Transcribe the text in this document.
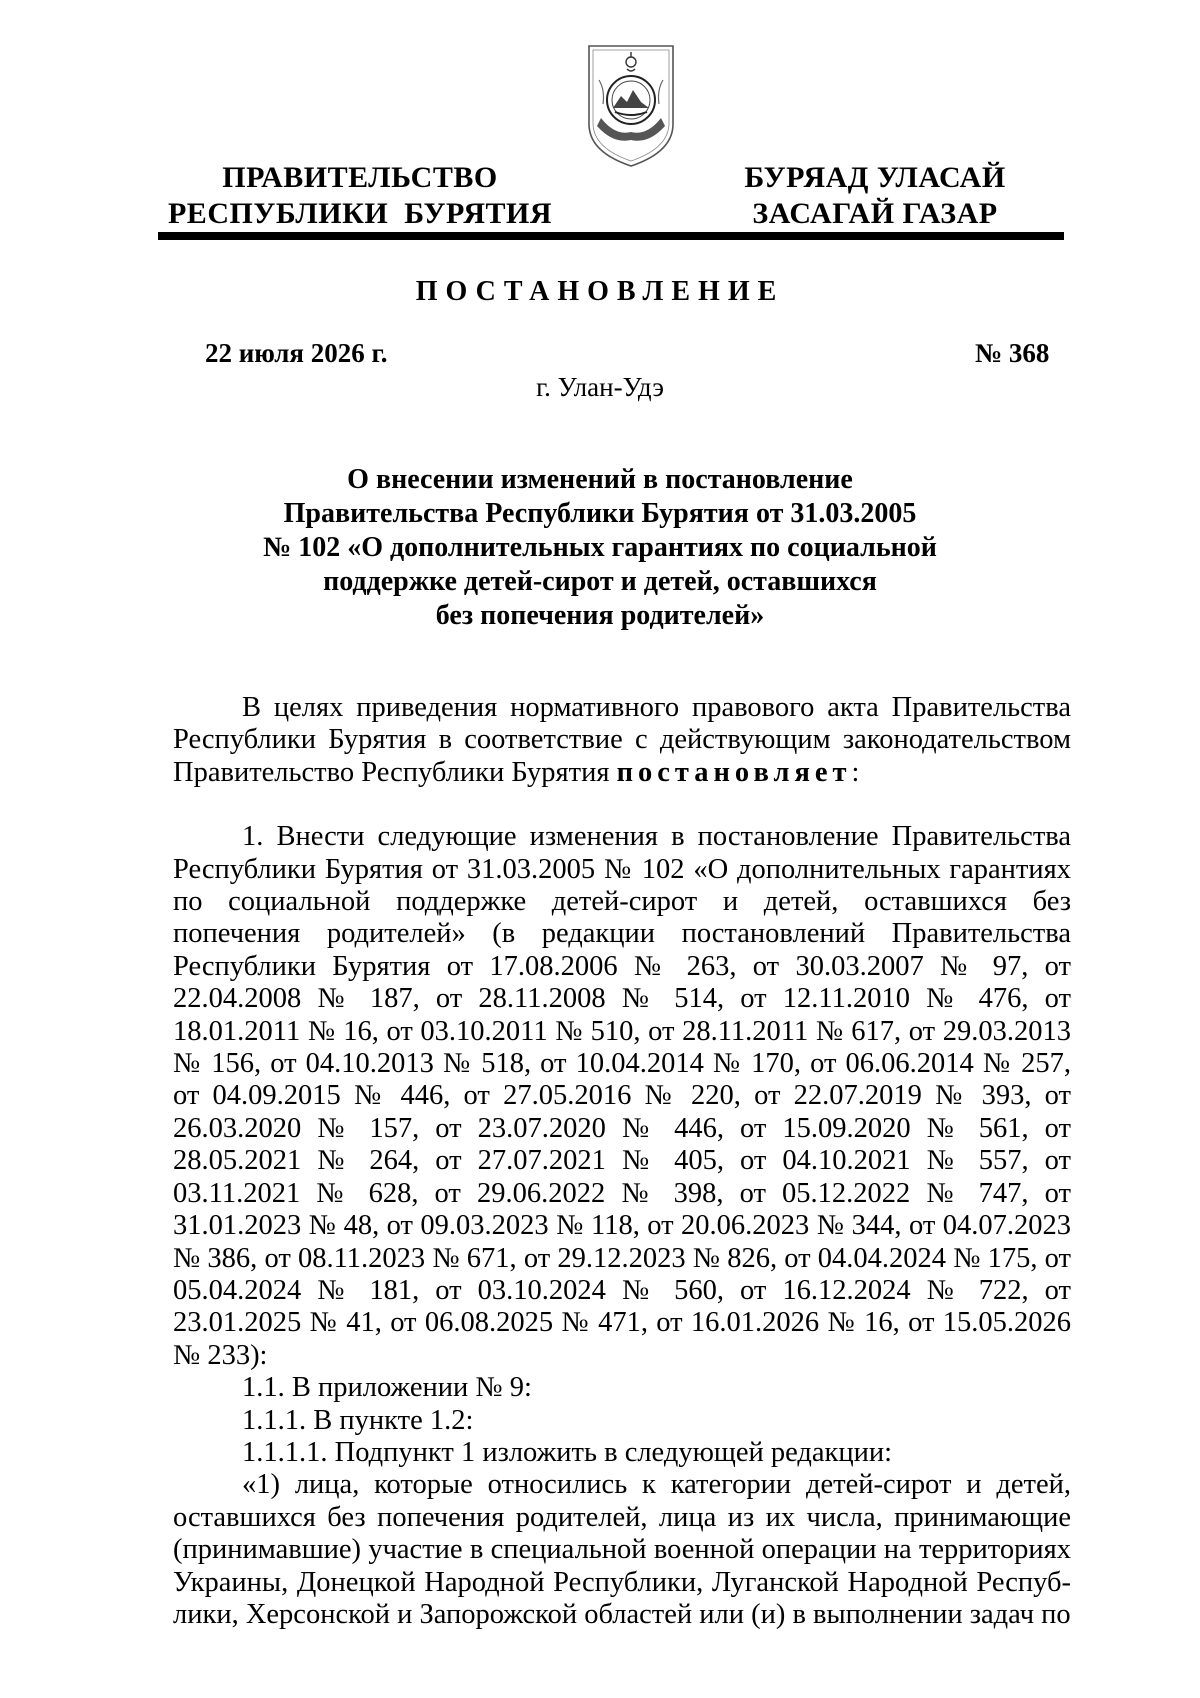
ПРАВИТЕЛЬСТВО
РЕСПУБЛИКИ  БУРЯТИЯ
БУРЯАД УЛАСАЙ
ЗАСАГАЙ ГАЗАР
ПОСТАНОВЛЕНИЕ
22 июля 2026 г.	№ 368
г. Улан-Удэ
О внесении изменений в постановление
Правительства Республики Бурятия от 31.03.2005
№ 102 «О дополнительных гарантиях по социальной
поддержке детей-сирот и детей, оставшихся
без попечения родителей»

В целях приведения нормативного правового акта Правительства Республики Бурятия в соответствие с действующим законодательством Правительство Республики Бурятия постановляет:

1. Внести следующие изменения в постановление Правительства Республики Бурятия от 31.03.2005 № 102 «О дополнительных гарантиях по социальной поддержке детей-сирот и детей, оставшихся без попечения родителей» (в редакции постановлений Правительства Республики Бурятия от 17.08.2006 № 263, от 30.03.2007 № 97, от 22.04.2008 № 187, от 28.11.2008 № 514, от 12.11.2010 № 476, от 18.01.2011 № 16, от 03.10.2011 № 510, от 28.11.2011 № 617, от 29.03.2013 № 156, от 04.10.2013 № 518, от 10.04.2014 № 170, от 06.06.2014 № 257, от 04.09.2015 № 446, от 27.05.2016 № 220, от 22.07.2019 № 393, от 26.03.2020 № 157, от 23.07.2020 № 446, от 15.09.2020 № 561, от 28.05.2021 № 264, от 27.07.2021 № 405, от 04.10.2021 № 557, от 03.11.2021 № 628, от 29.06.2022 № 398, от 05.12.2022 № 747, от 31.01.2023 № 48, от 09.03.2023 № 118, от 20.06.2023 № 344, от 04.07.2023 № 386, от 08.11.2023 № 671, от 29.12.2023 № 826, от 04.04.2024 № 175, от 05.04.2024 № 181, от 03.10.2024 № 560, от 16.12.2024 № 722, от 23.01.2025 № 41, от 06.08.2025 № 471, от 16.01.2026 № 16, от 15.05.2026 № 233):

1.1. В приложении № 9:

1.1.1. В пункте 1.2:

1.1.1.1. Подпункт 1 изложить в следующей редакции:

«1) лица, которые относились к категории детей-сирот и детей, оставшихся без попечения родителей, лица из их числа, принимающие (принимавшие) участие в специальной военной операции на территориях Украины, Донецкой Народной Республики, Луганской Народной Республики, Херсонской и Запорожской областей или (и) в выполнении задач по
